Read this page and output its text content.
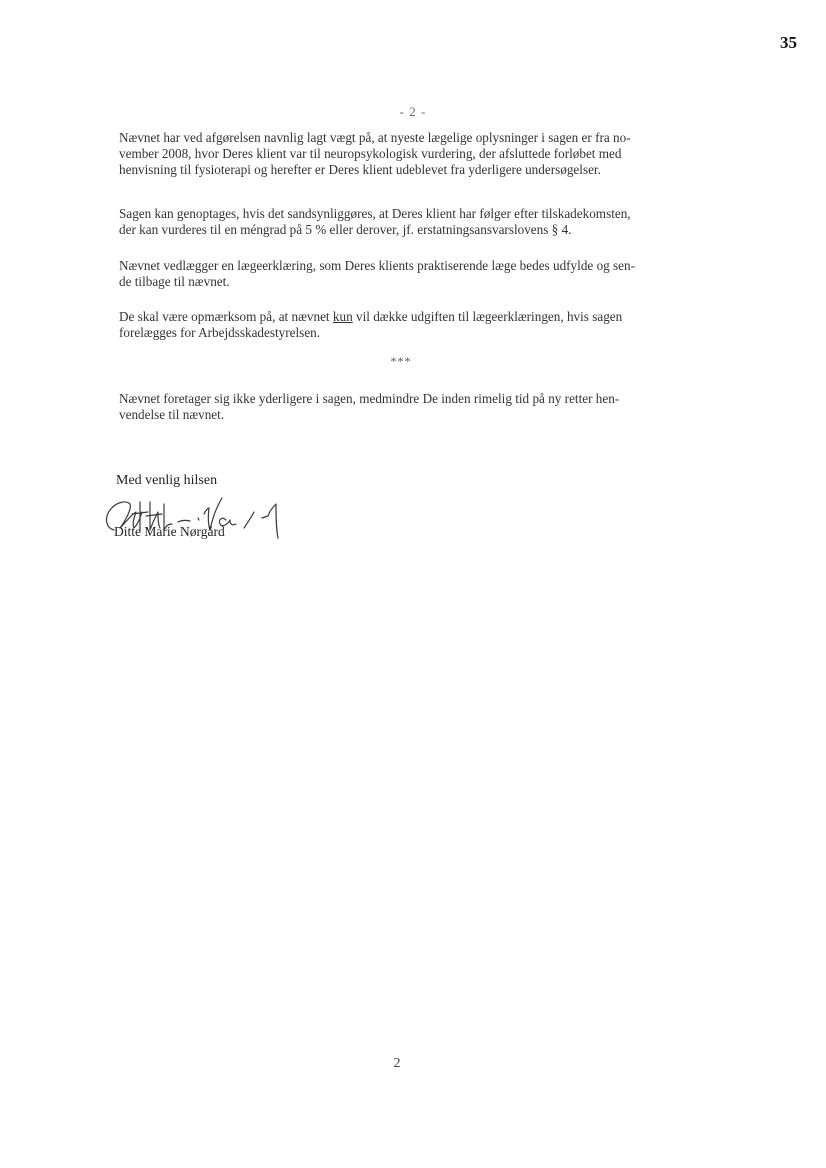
35
- 2 -
Nævnet har ved afgørelsen navnlig lagt vægt på, at nyeste lægelige oplysninger i sagen er fra no-
vember 2008, hvor Deres klient var til neuropsykologisk vurdering, der afsluttede forløbet med
henvisning til fysioterapi og herefter er Deres klient udeblevet fra yderligere undersøgelser.
Sagen kan genoptages, hvis det sandsynliggøres, at Deres klient har følger efter tilskadekomsten,
der kan vurderes til en méngrad på 5 % eller derover, jf. erstatningsansvarslovens § 4.
Nævnet vedlægger en lægeerklæring, som Deres klients praktiserende læge bedes udfylde og sen-
de tilbage til nævnet.
De skal være opmærksom på, at nævnet kun vil dække udgiften til lægeerklæringen, hvis sagen
forelægges for Arbejdsskadestyrelsen.
***
Nævnet foretager sig ikke yderligere i sagen, medmindre De inden rimelig tid på ny retter hen-
vendelse til nævnet.
Med venlig hilsen
Ditte Marie Nørgård
2
